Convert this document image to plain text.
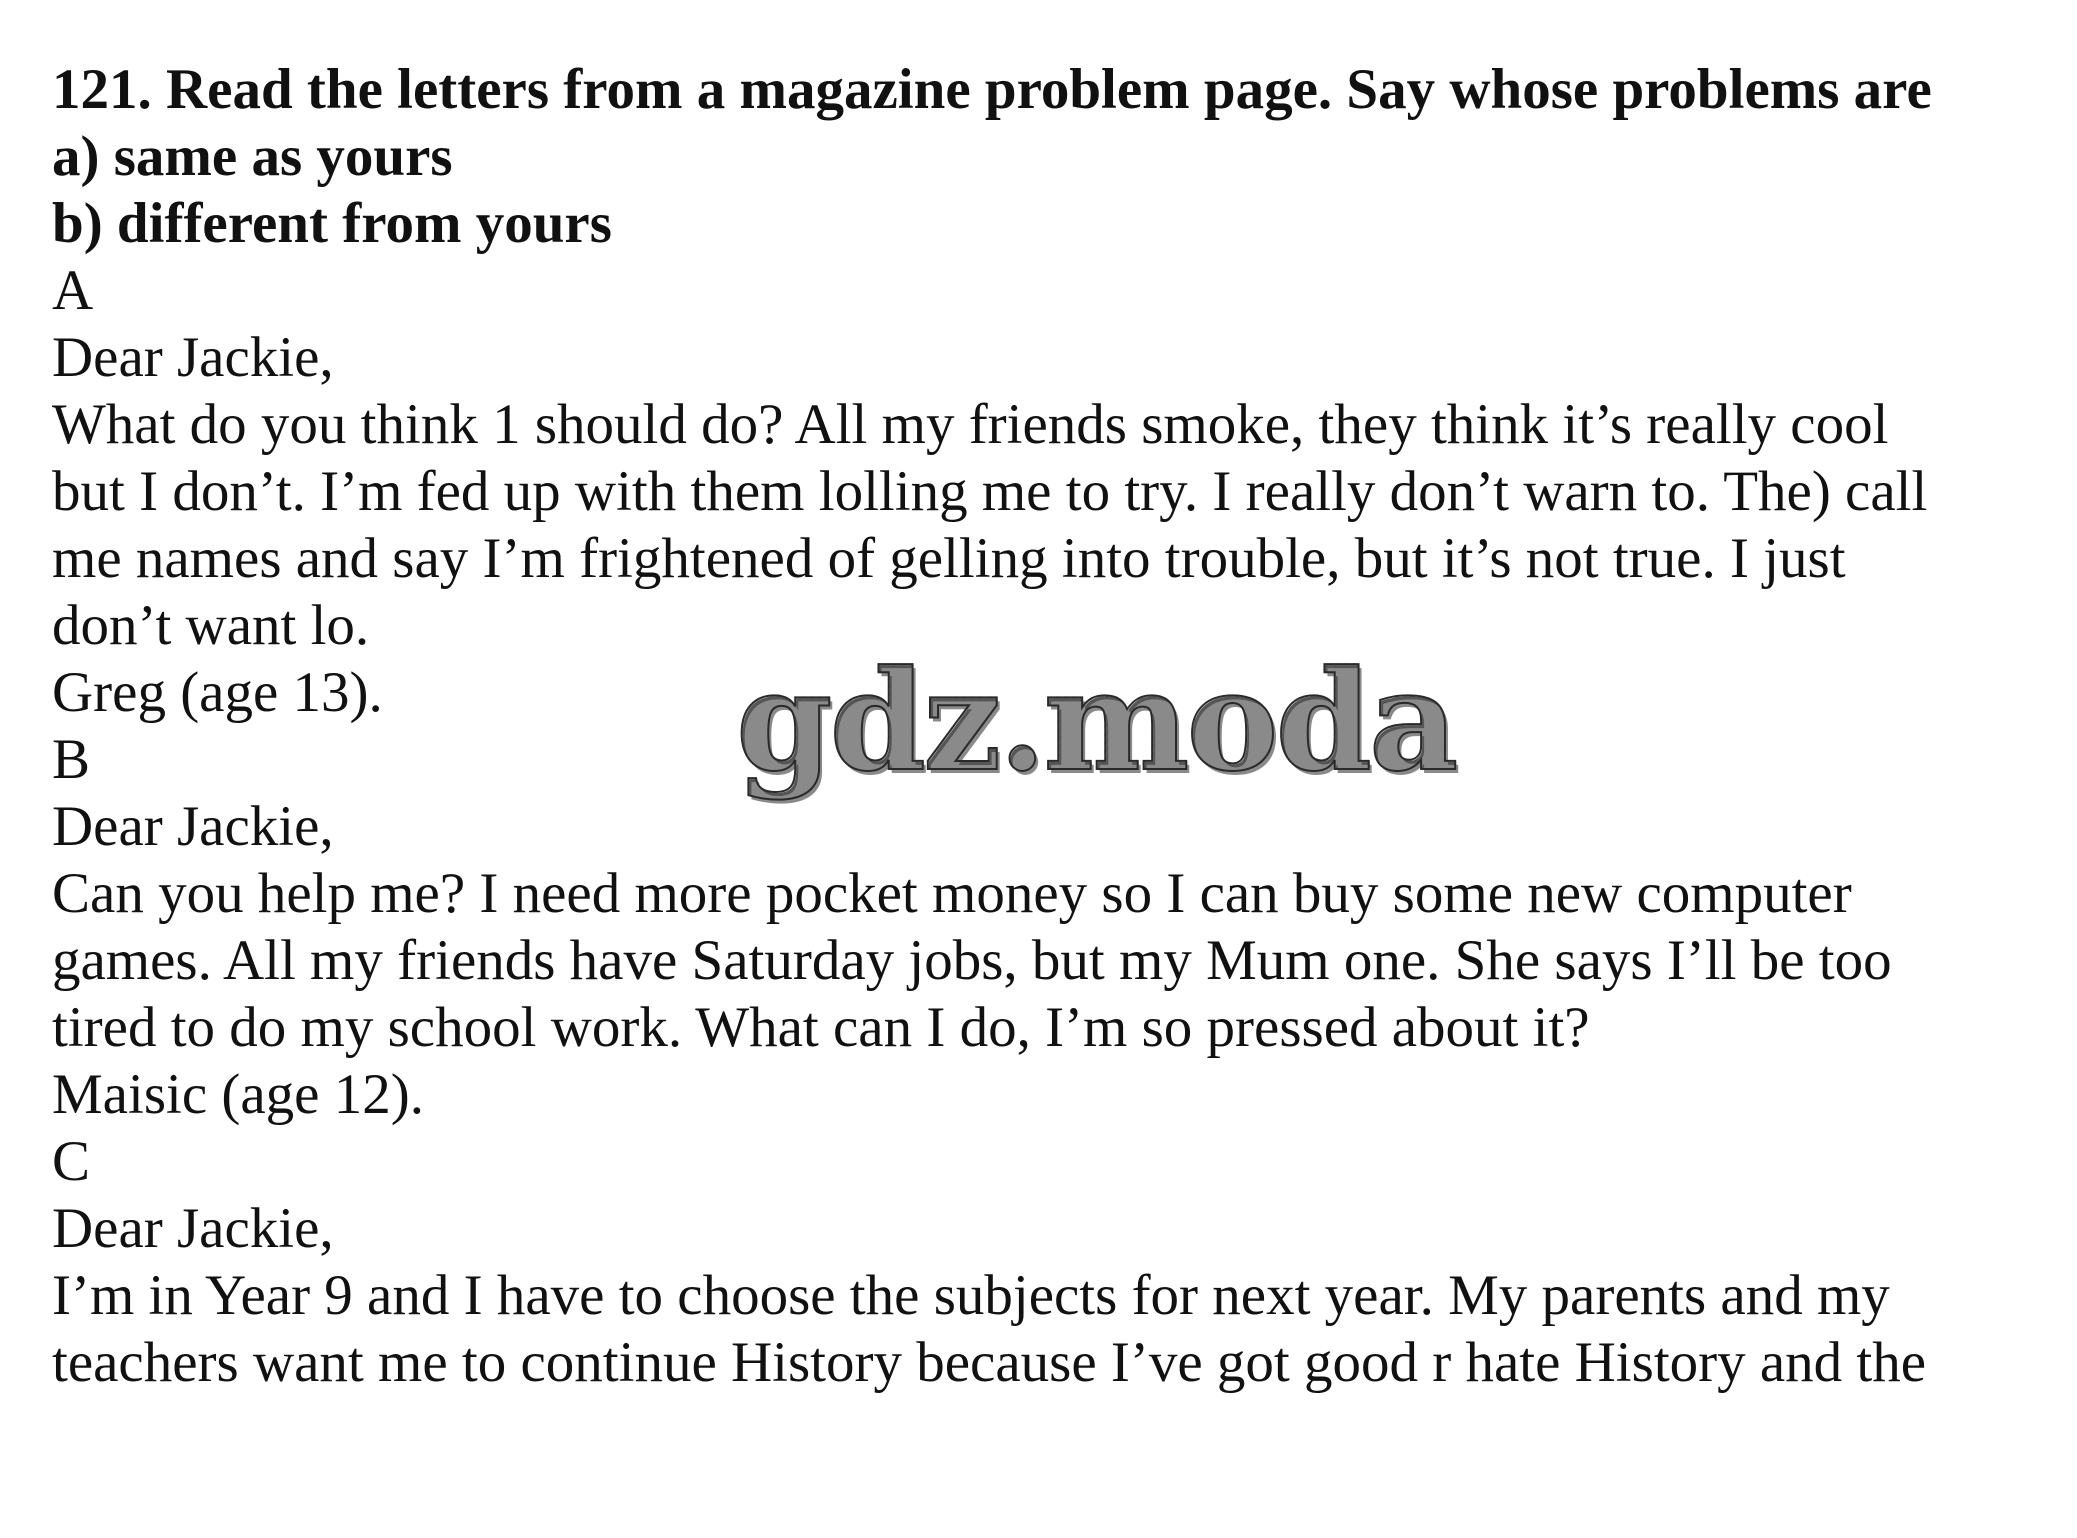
121. Read the letters from a magazine problem page. Say whose problems are
a) same as yours
b) different from yours
A
Dear Jackie,
What do you think 1 should do? All my friends smoke, they think it’s really cool
but I don’t. I’m fed up with them lolling me to try. I really don’t warn to. The) call
me names and say I’m frightened of gelling into trouble, but it’s not true. I just
don’t want lo.
Greg (age 13).
B
Dear Jackie,
Can you help me? I need more pocket money so I can buy some new computer
games. All my friends have Saturday jobs, but my Mum one. She says I’ll be too
tired to do my school work. What can I do, I’m so pressed about it?
Maisic (age 12).
C
Dear Jackie,
I’m in Year 9 and I have to choose the subjects for next year. My parents and my
teachers want me to continue History because I’ve got good r hate History and the
gdz.moda
